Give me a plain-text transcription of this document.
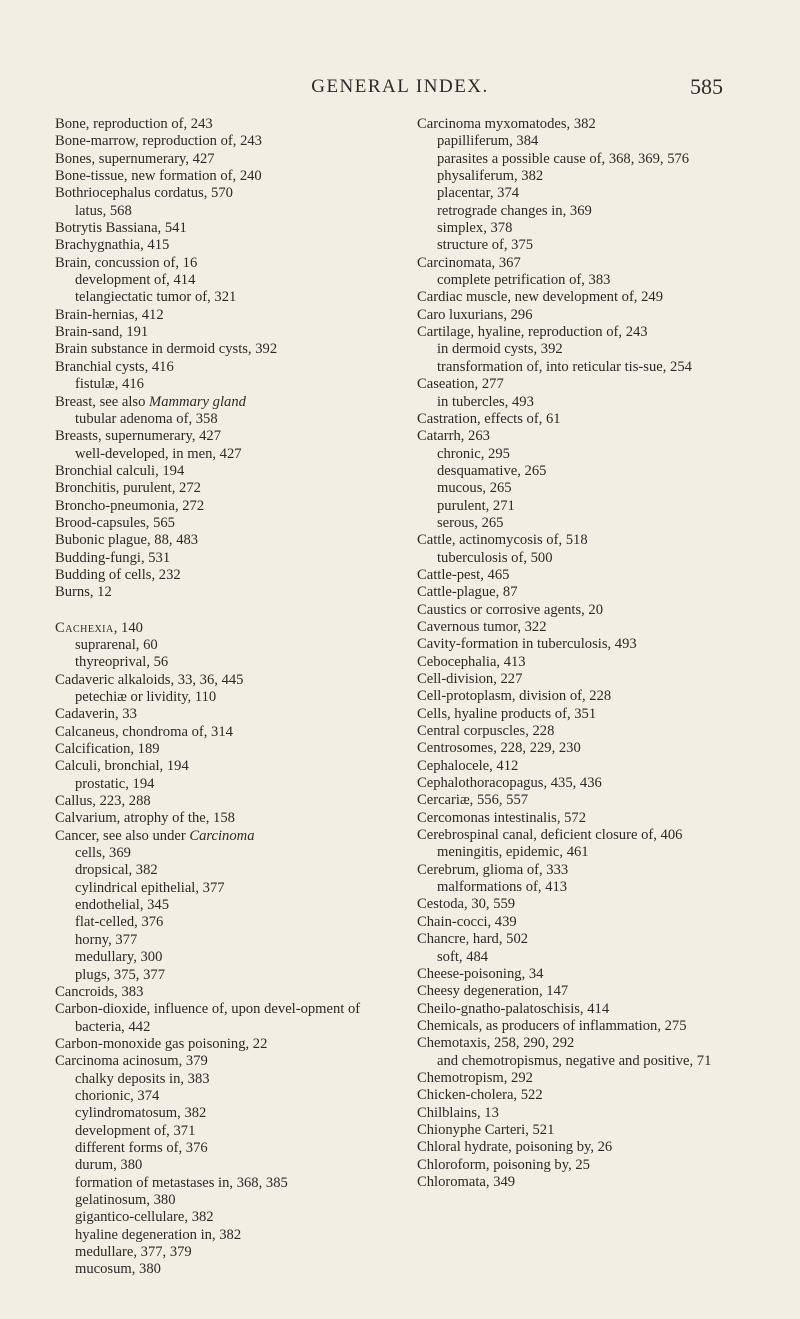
GENERAL INDEX.	585
Bone, reproduction of, 243
Bone-marrow, reproduction of, 243
Bones, supernumerary, 427
Bone-tissue, new formation of, 240
Bothriocephalus cordatus, 570
latus, 568
Botrytis Bassiana, 541
Brachygnathia, 415
Brain, concussion of, 16
development of, 414
telangiectatic tumor of, 321
Brain-hernias, 412
Brain-sand, 191
Brain substance in dermoid cysts, 392
Branchial cysts, 416
fistulæ, 416
Breast, see also Mammary gland
tubular adenoma of, 358
Breasts, supernumerary, 427
well-developed, in men, 427
Bronchial calculi, 194
Bronchitis, purulent, 272
Broncho-pneumonia, 272
Brood-capsules, 565
Bubonic plague, 88, 483
Budding-fungi, 531
Budding of cells, 232
Burns, 12
Cachexia, 140
suprarenal, 60
thyreoprival, 56
Cadaveric alkaloids, 33, 36, 445
petechiæ or lividity, 110
Cadaverin, 33
Calcaneus, chondroma of, 314
Calcification, 189
Calculi, bronchial, 194
prostatic, 194
Callus, 223, 288
Calvarium, atrophy of the, 158
Cancer, see also under Carcinoma
cells, 369
dropsical, 382
cylindrical epithelial, 377
endothelial, 345
flat-celled, 376
horny, 377
medullary, 300
plugs, 375, 377
Cancroids, 383
Carbon-dioxide, influence of, upon devel-opment of bacteria, 442
Carbon-monoxide gas poisoning, 22
Carcinoma acinosum, 379
chalky deposits in, 383
chorionic, 374
cylindromatosum, 382
development of, 371
different forms of, 376
durum, 380
formation of metastases in, 368, 385
gelatinosum, 380
gigantico-cellulare, 382
hyaline degeneration in, 382
medullare, 377, 379
mucosum, 380
Carcinoma myxomatodes, 382
papilliferum, 384
parasites a possible cause of, 368, 369, 576
physaliferum, 382
placentar, 374
retrograde changes in, 369
simplex, 378
structure of, 375
Carcinomata, 367
complete petrification of, 383
Cardiac muscle, new development of, 249
Caro luxurians, 296
Cartilage, hyaline, reproduction of, 243
in dermoid cysts, 392
transformation of, into reticular tis-sue, 254
Caseation, 277
in tubercles, 493
Castration, effects of, 61
Catarrh, 263
chronic, 295
desquamative, 265
mucous, 265
purulent, 271
serous, 265
Cattle, actinomycosis of, 518
tuberculosis of, 500
Cattle-pest, 465
Cattle-plague, 87
Caustics or corrosive agents, 20
Cavernous tumor, 322
Cavity-formation in tuberculosis, 493
Cebocephalia, 413
Cell-division, 227
Cell-protoplasm, division of, 228
Cells, hyaline products of, 351
Central corpuscles, 228
Centrosomes, 228, 229, 230
Cephalocele, 412
Cephalothoracopagus, 435, 436
Cercariæ, 556, 557
Cercomonas intestinalis, 572
Cerebrospinal canal, deficient closure of, 406
meningitis, epidemic, 461
Cerebrum, glioma of, 333
malformations of, 413
Cestoda, 30, 559
Chain-cocci, 439
Chancre, hard, 502
soft, 484
Cheese-poisoning, 34
Cheesy degeneration, 147
Cheilo-gnatho-palatoschisis, 414
Chemicals, as producers of inflammation, 275
Chemotaxis, 258, 290, 292
and chemotropismus, negative and positive, 71
Chemotropism, 292
Chicken-cholera, 522
Chilblains, 13
Chionyphe Carteri, 521
Chloral hydrate, poisoning by, 26
Chloroform, poisoning by, 25
Chloromata, 349
